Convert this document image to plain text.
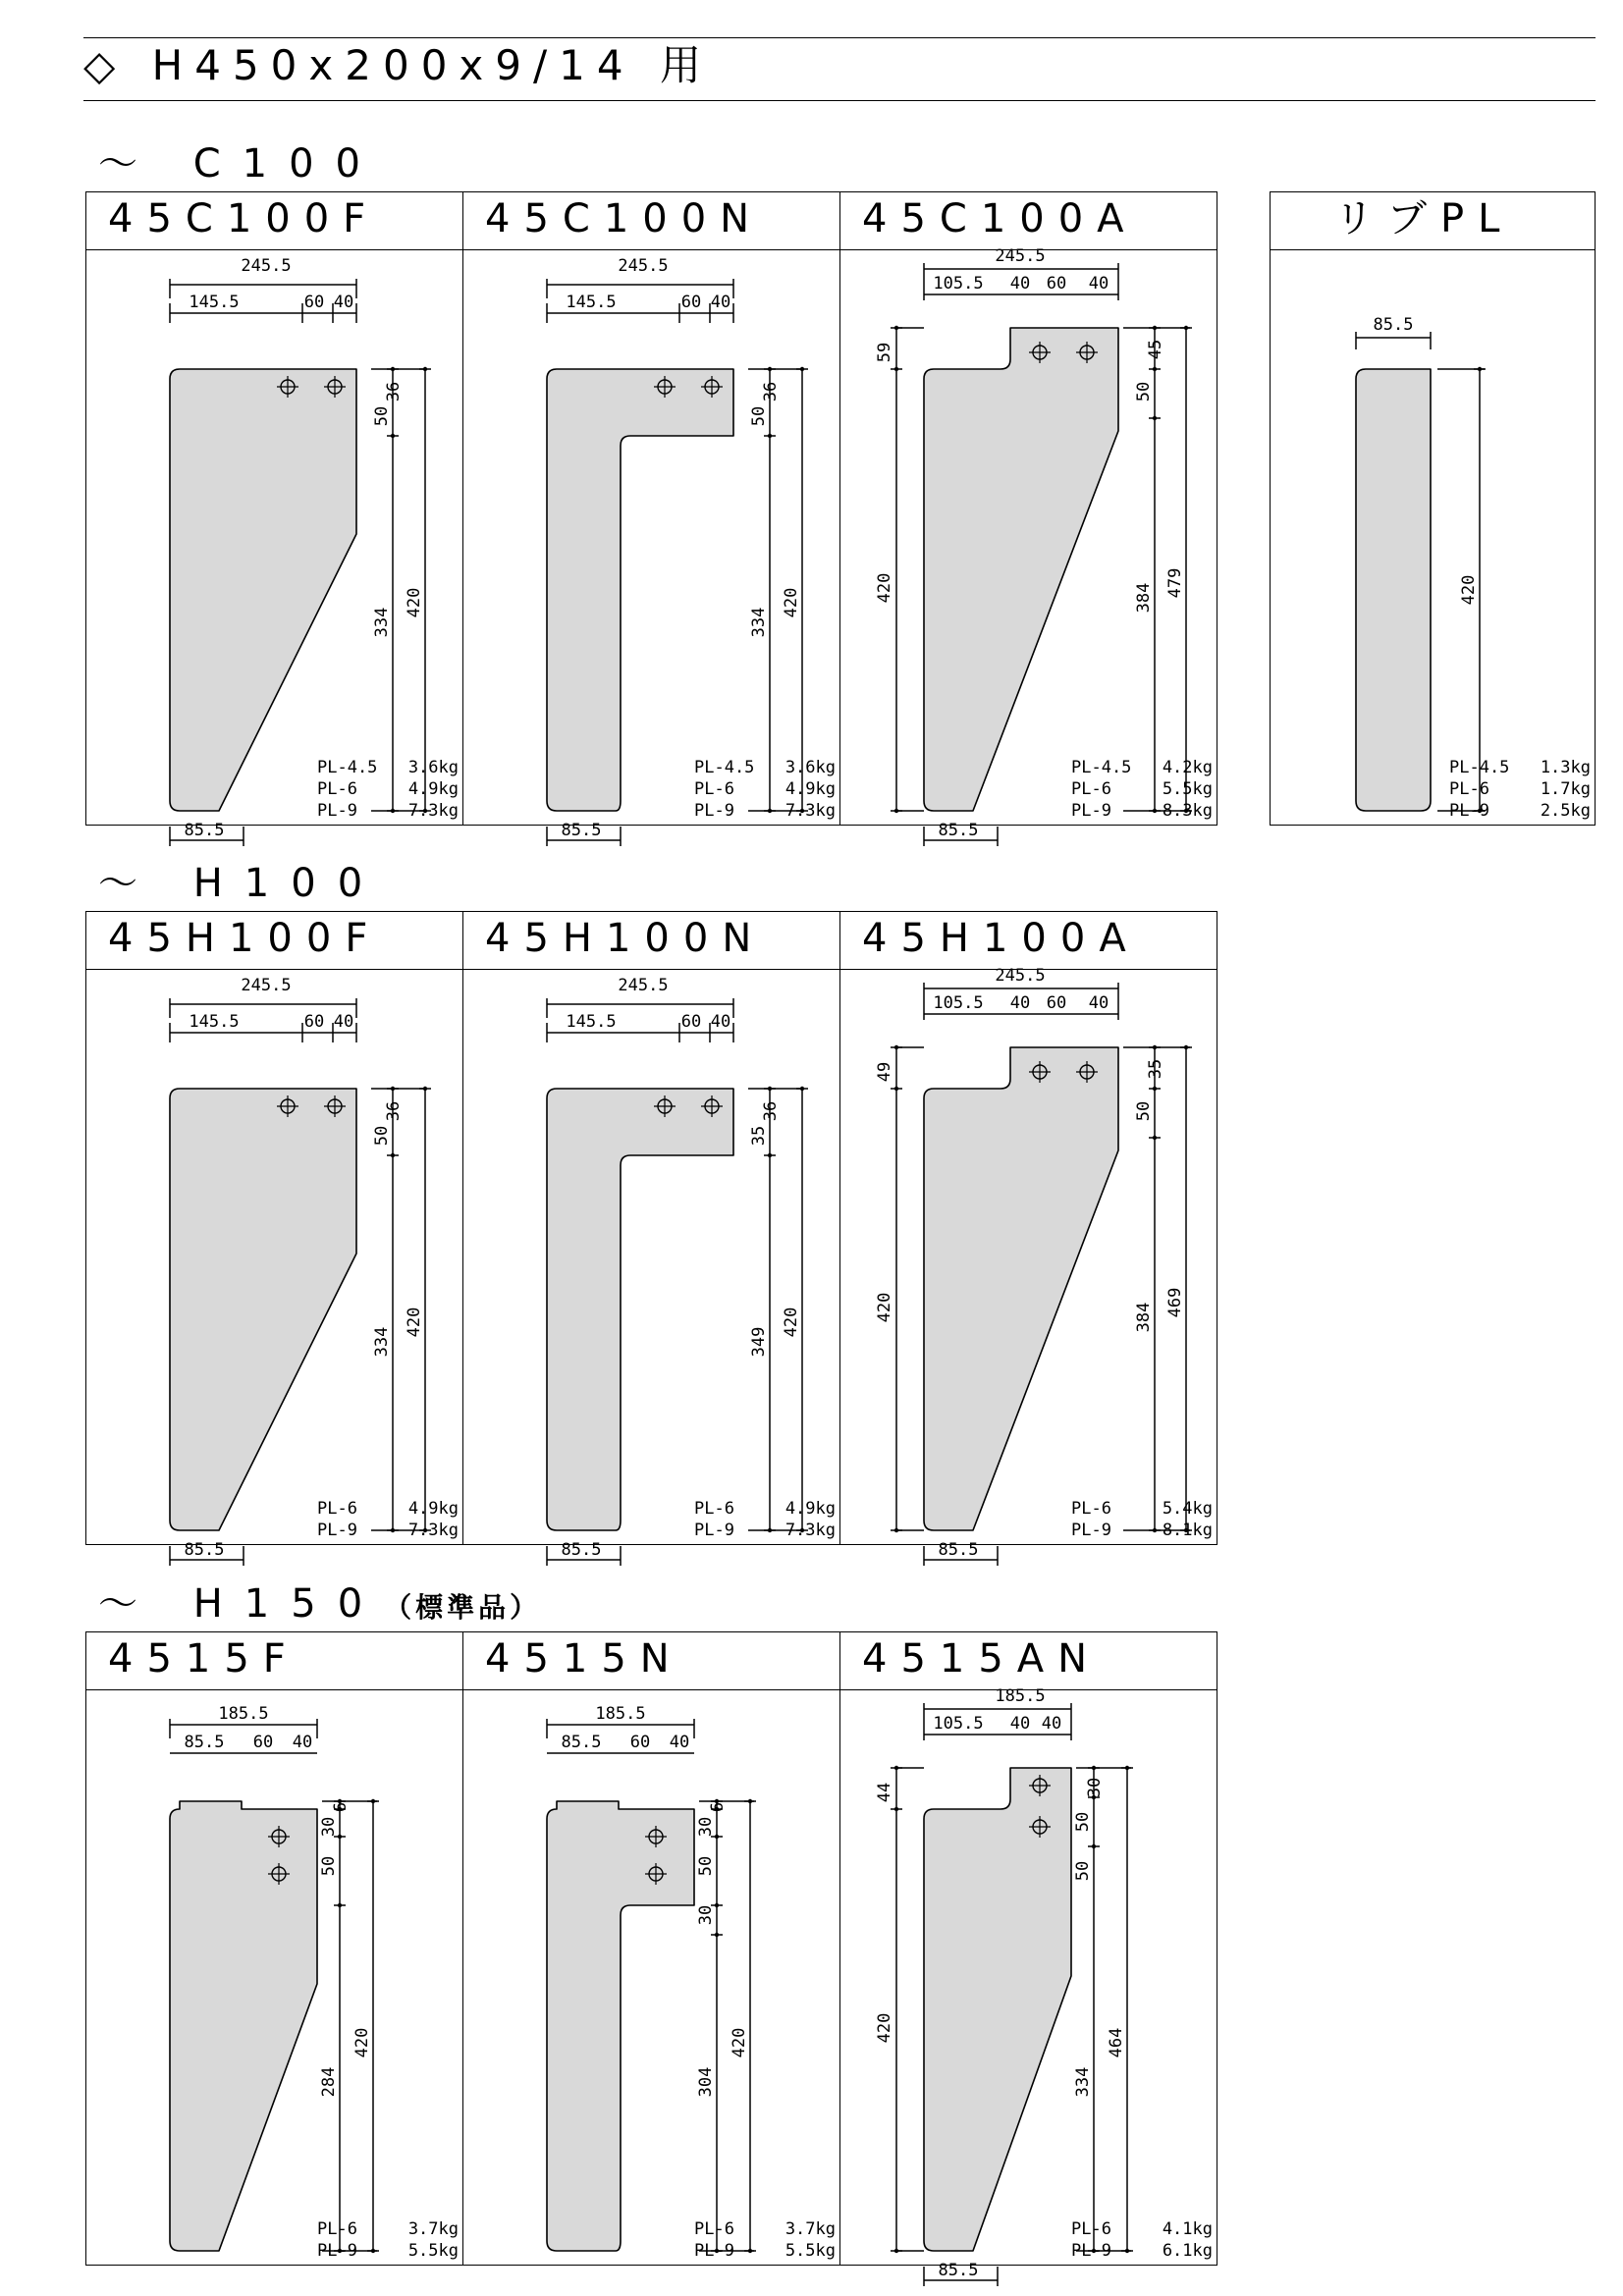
◇ H450x200x9/14 用
～ C100
～ H100
～ H150（標準品）
45C100F
245.5
145.5	60 40
36
50
334
420
85.5
PL-4.5 3.6kg
PL-6   4.9kg
PL-9   7.3kg
45C100N
245.5
145.5	60 40
36
50
334
420
85.5
PL-4.5 3.6kg
PL-6   4.9kg
PL-9   7.3kg
45C100A
245.5
105.5 40 60 40
59
420
45
50
384 479
85.5
PL-4.5 4.2kg
PL-6   5.5kg
PL-9   8.3kg
リブPL
85.5
420
PL-4.5 1.3kg
PL-6	1.7kg
PL-9	2.5kg
45H100F
245.5
145.5	60 40
36
50
334
420
85.5
PL-6   4.9kg
PL-9   7.3kg
45H100N
245.5
145.5	60 40
36
35
349
420
85.5
PL-6   4.9kg
PL-9   7.3kg
45H100A
245.5
105.5 40 60 40
49
420
35
50
384 469
85.5
PL-6   5.4kg
PL-9   8.1kg
4515F
185.5
85.5 60 40
6
30
50
284
420
PL-6   3.7kg
PL-9   5.5kg
4515N
185.5
85.5 60 40
6
30
50
30
304
420
PL-6   3.7kg
PL-9   5.5kg
4515AN
185.5
105.5 40 40
44
420
30
50
50
334
464
85.5
PL-6   4.1kg
PL-9   6.1kg
